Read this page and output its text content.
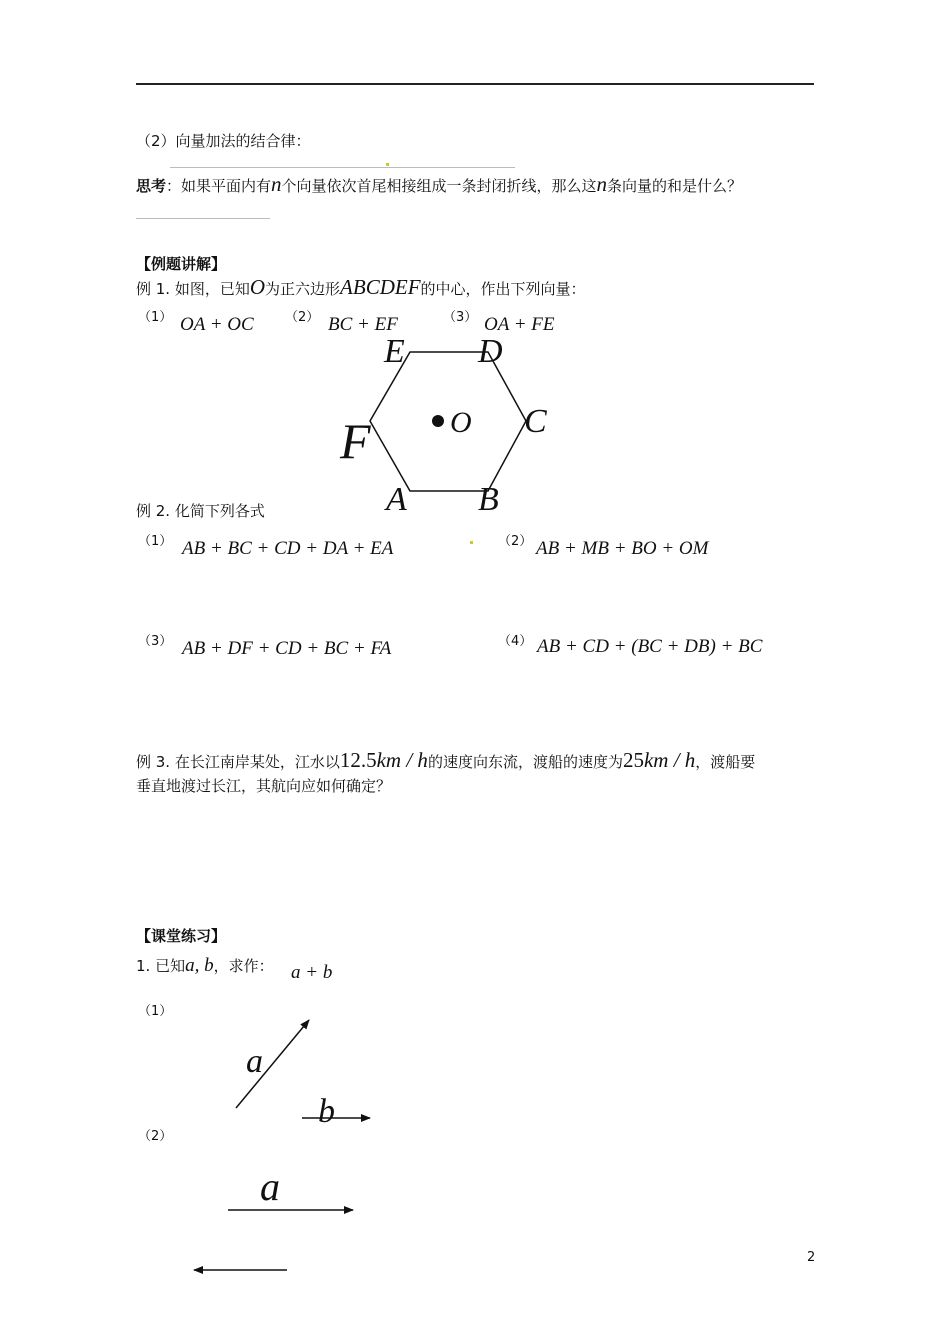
（2）向量加法的结合律：
思考：如果平面内有n个向量依次首尾相接组成一条封闭折线，那么这n条向量的和是什么？
【例题讲解】
例 1. 如图，已知O为正六边形ABCDEF的中心，作出下列向量：
（1） OA + OC （2） BC + EF	（3） OA + FE
E D
C
B
A
F	O
例 2. 化简下列各式
（1） AB + BC + CD + DA + EA	（2） AB + MB + BO + OM
（3） AB + DF + CD + BC + FA	（4） AB + CD + (BC + DB) + BC
例 3. 在长江南岸某处，江水以12.5km / h的速度向东流，渡船的速度为25km / h，渡船要
垂直地渡过长江，其航向应如何确定？
【课堂练习】
1. 已知a, b，求作： a + b
（1）
（2）
a
b
a
2
